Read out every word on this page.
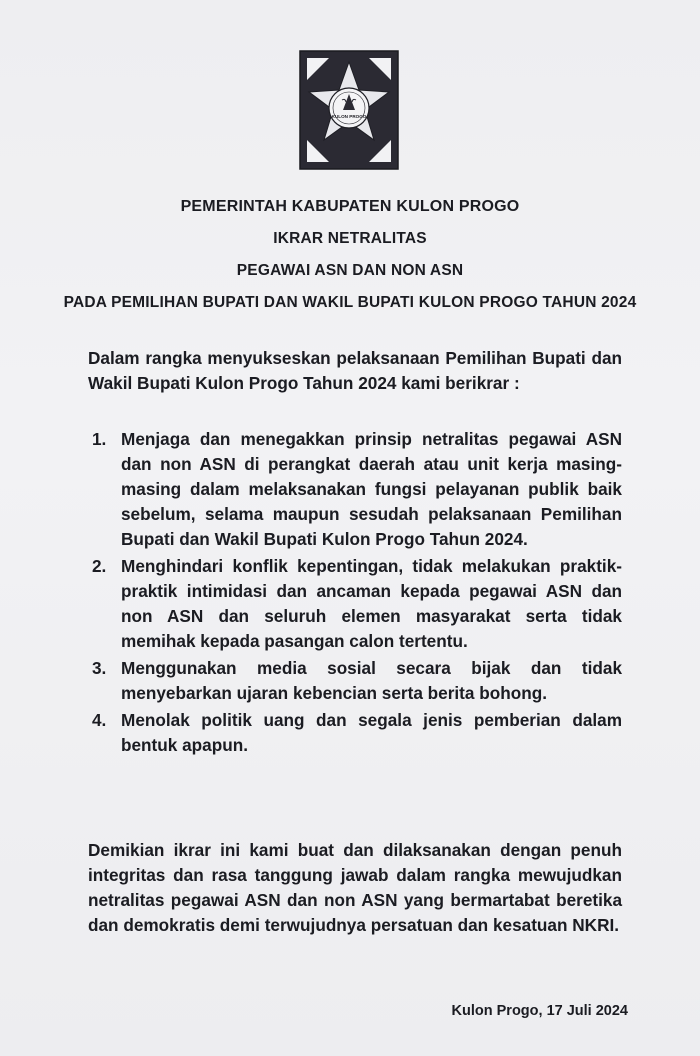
KULON PROGO

PEMERINTAH KABUPATEN KULON PROGO

IKRAR NETRALITAS

PEGAWAI ASN DAN NON ASN

PADA PEMILIHAN BUPATI DAN WAKIL BUPATI KULON PROGO TAHUN 2024

Dalam rangka menyukseskan pelaksanaan Pemilihan Bupati dan Wakil Bupati Kulon Progo Tahun 2024 kami berikrar :

1. Menjaga dan menegakkan prinsip netralitas pegawai ASN dan non ASN di perangkat daerah atau unit kerja masing-masing dalam melaksanakan fungsi pelayanan publik baik sebelum, selama maupun sesudah pelaksanaan Pemilihan Bupati dan Wakil Bupati Kulon Progo Tahun 2024.
2. Menghindari konflik kepentingan, tidak melakukan praktik-praktik intimidasi dan ancaman kepada pegawai ASN dan non ASN dan seluruh elemen masyarakat serta tidak memihak kepada pasangan calon tertentu.
3. Menggunakan media sosial secara bijak dan tidak menyebarkan ujaran kebencian serta berita bohong.
4. Menolak politik uang dan segala jenis pemberian dalam bentuk apapun.

Demikian ikrar ini kami buat dan dilaksanakan dengan penuh integritas dan rasa tanggung jawab dalam rangka mewujudkan netralitas pegawai ASN dan non ASN yang bermartabat beretika dan demokratis demi terwujudnya persatuan dan kesatuan NKRI.

Kulon Progo, 17 Juli 2024
